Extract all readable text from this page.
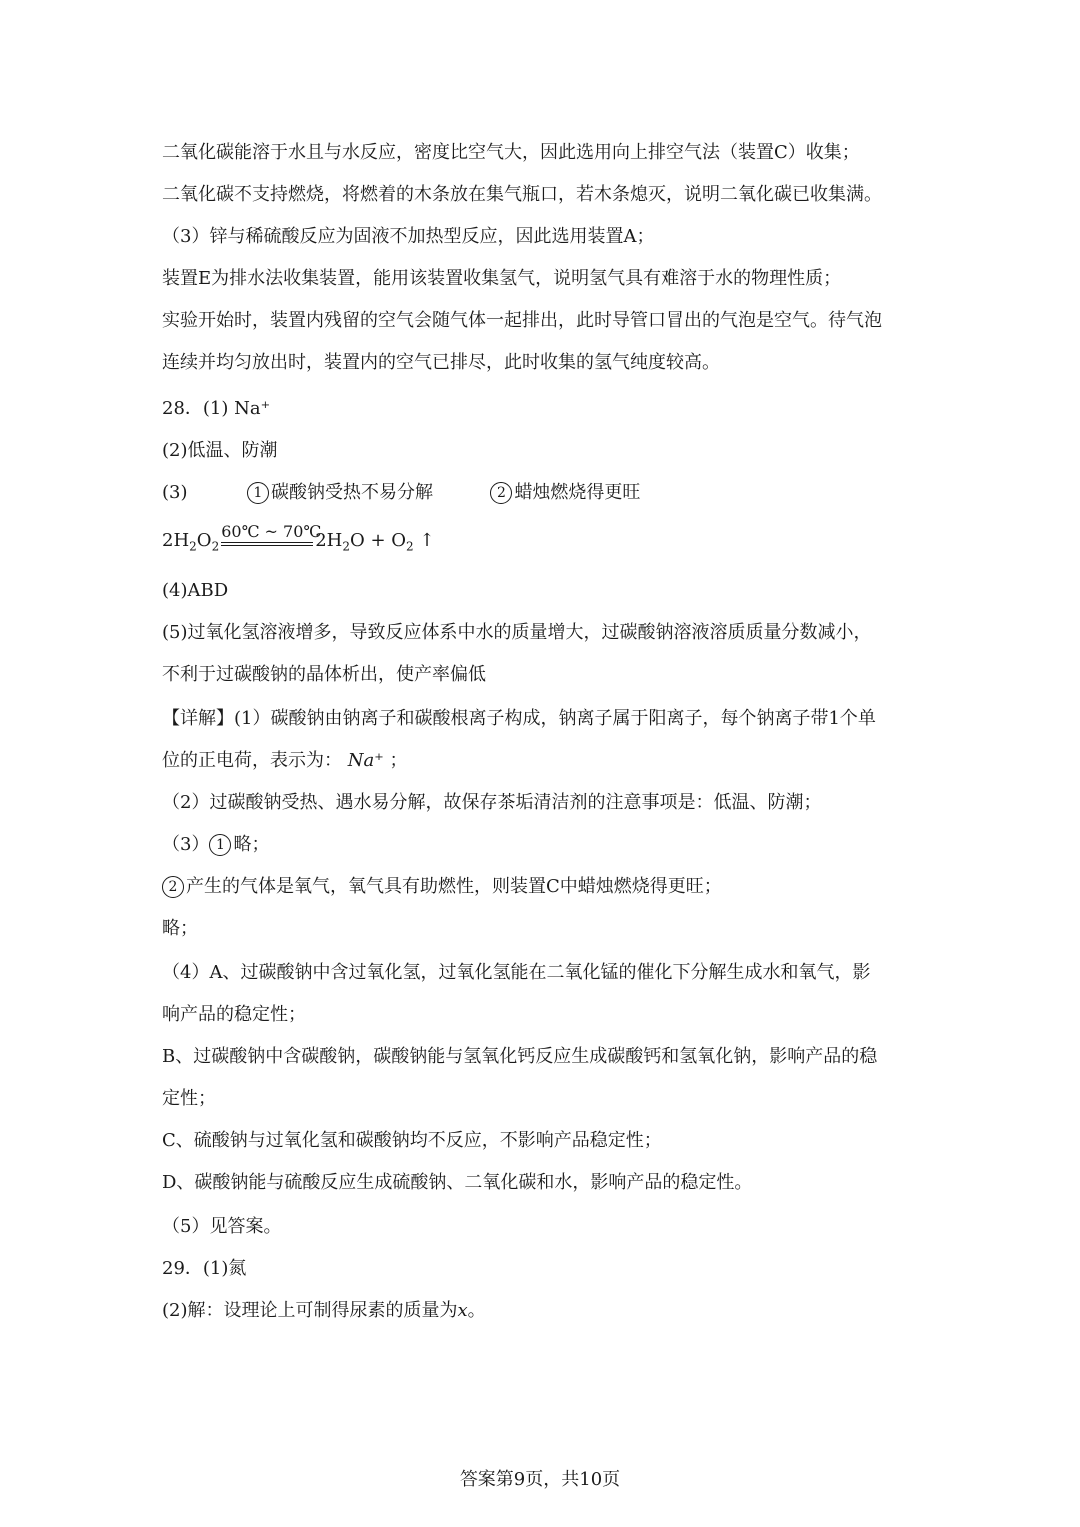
二氧化碳能溶于水且与水反应，密度比空气大，因此选用向上排空气法（装置C）收集；
二氧化碳不支持燃烧，将燃着的木条放在集气瓶口，若木条熄灭，说明二氧化碳已收集满。
（3）锌与稀硫酸反应为固液不加热型反应，因此选用装置A；
装置E为排水法收集装置，能用该装置收集氢气，说明氢气具有难溶于水的物理性质；
实验开始时，装置内残留的空气会随气体一起排出，此时导管口冒出的气泡是空气。待气泡
连续并均匀放出时，装置内的空气已排尽，此时收集的氢气纯度较高。
28．(1) Na⁺
(2)低温、防潮
(3)	1 碳酸钠受热不易分解	2 蜡烛燃烧得更旺
$2H_2O_2$
60℃ ~ 70℃
$2H_2O + O_2$ ↑
(4)ABD
(5)过氧化氢溶液增多，导致反应体系中水的质量增大，过碳酸钠溶液溶质质量分数减小，
不利于过碳酸钠的晶体析出，使产率偏低
【详解】(1）碳酸钠由钠离子和碳酸根离子构成，钠离子属于阳离子，每个钠离子带1个单
位的正电荷，表示为： Na⁺ ；
（2）过碳酸钠受热、遇水易分解，故保存茶垢清洁剂的注意事项是：低温、防潮；
（3） 1 略；
2 产生的气体是氧气，氧气具有助燃性，则装置C中蜡烛燃烧得更旺；
略；
（4）A、过碳酸钠中含过氧化氢，过氧化氢能在二氧化锰的催化下分解生成水和氧气，影
响产品的稳定性；
B、过碳酸钠中含碳酸钠，碳酸钠能与氢氧化钙反应生成碳酸钙和氢氧化钠，影响产品的稳
定性；
C、硫酸钠与过氧化氢和碳酸钠均不反应，不影响产品稳定性；
D、碳酸钠能与硫酸反应生成硫酸钠、二氧化碳和水，影响产品的稳定性。
（5）见答案。
29．(1)氮
(2)解：设理论上可制得尿素的质量为x。
答案第9页，共10页
